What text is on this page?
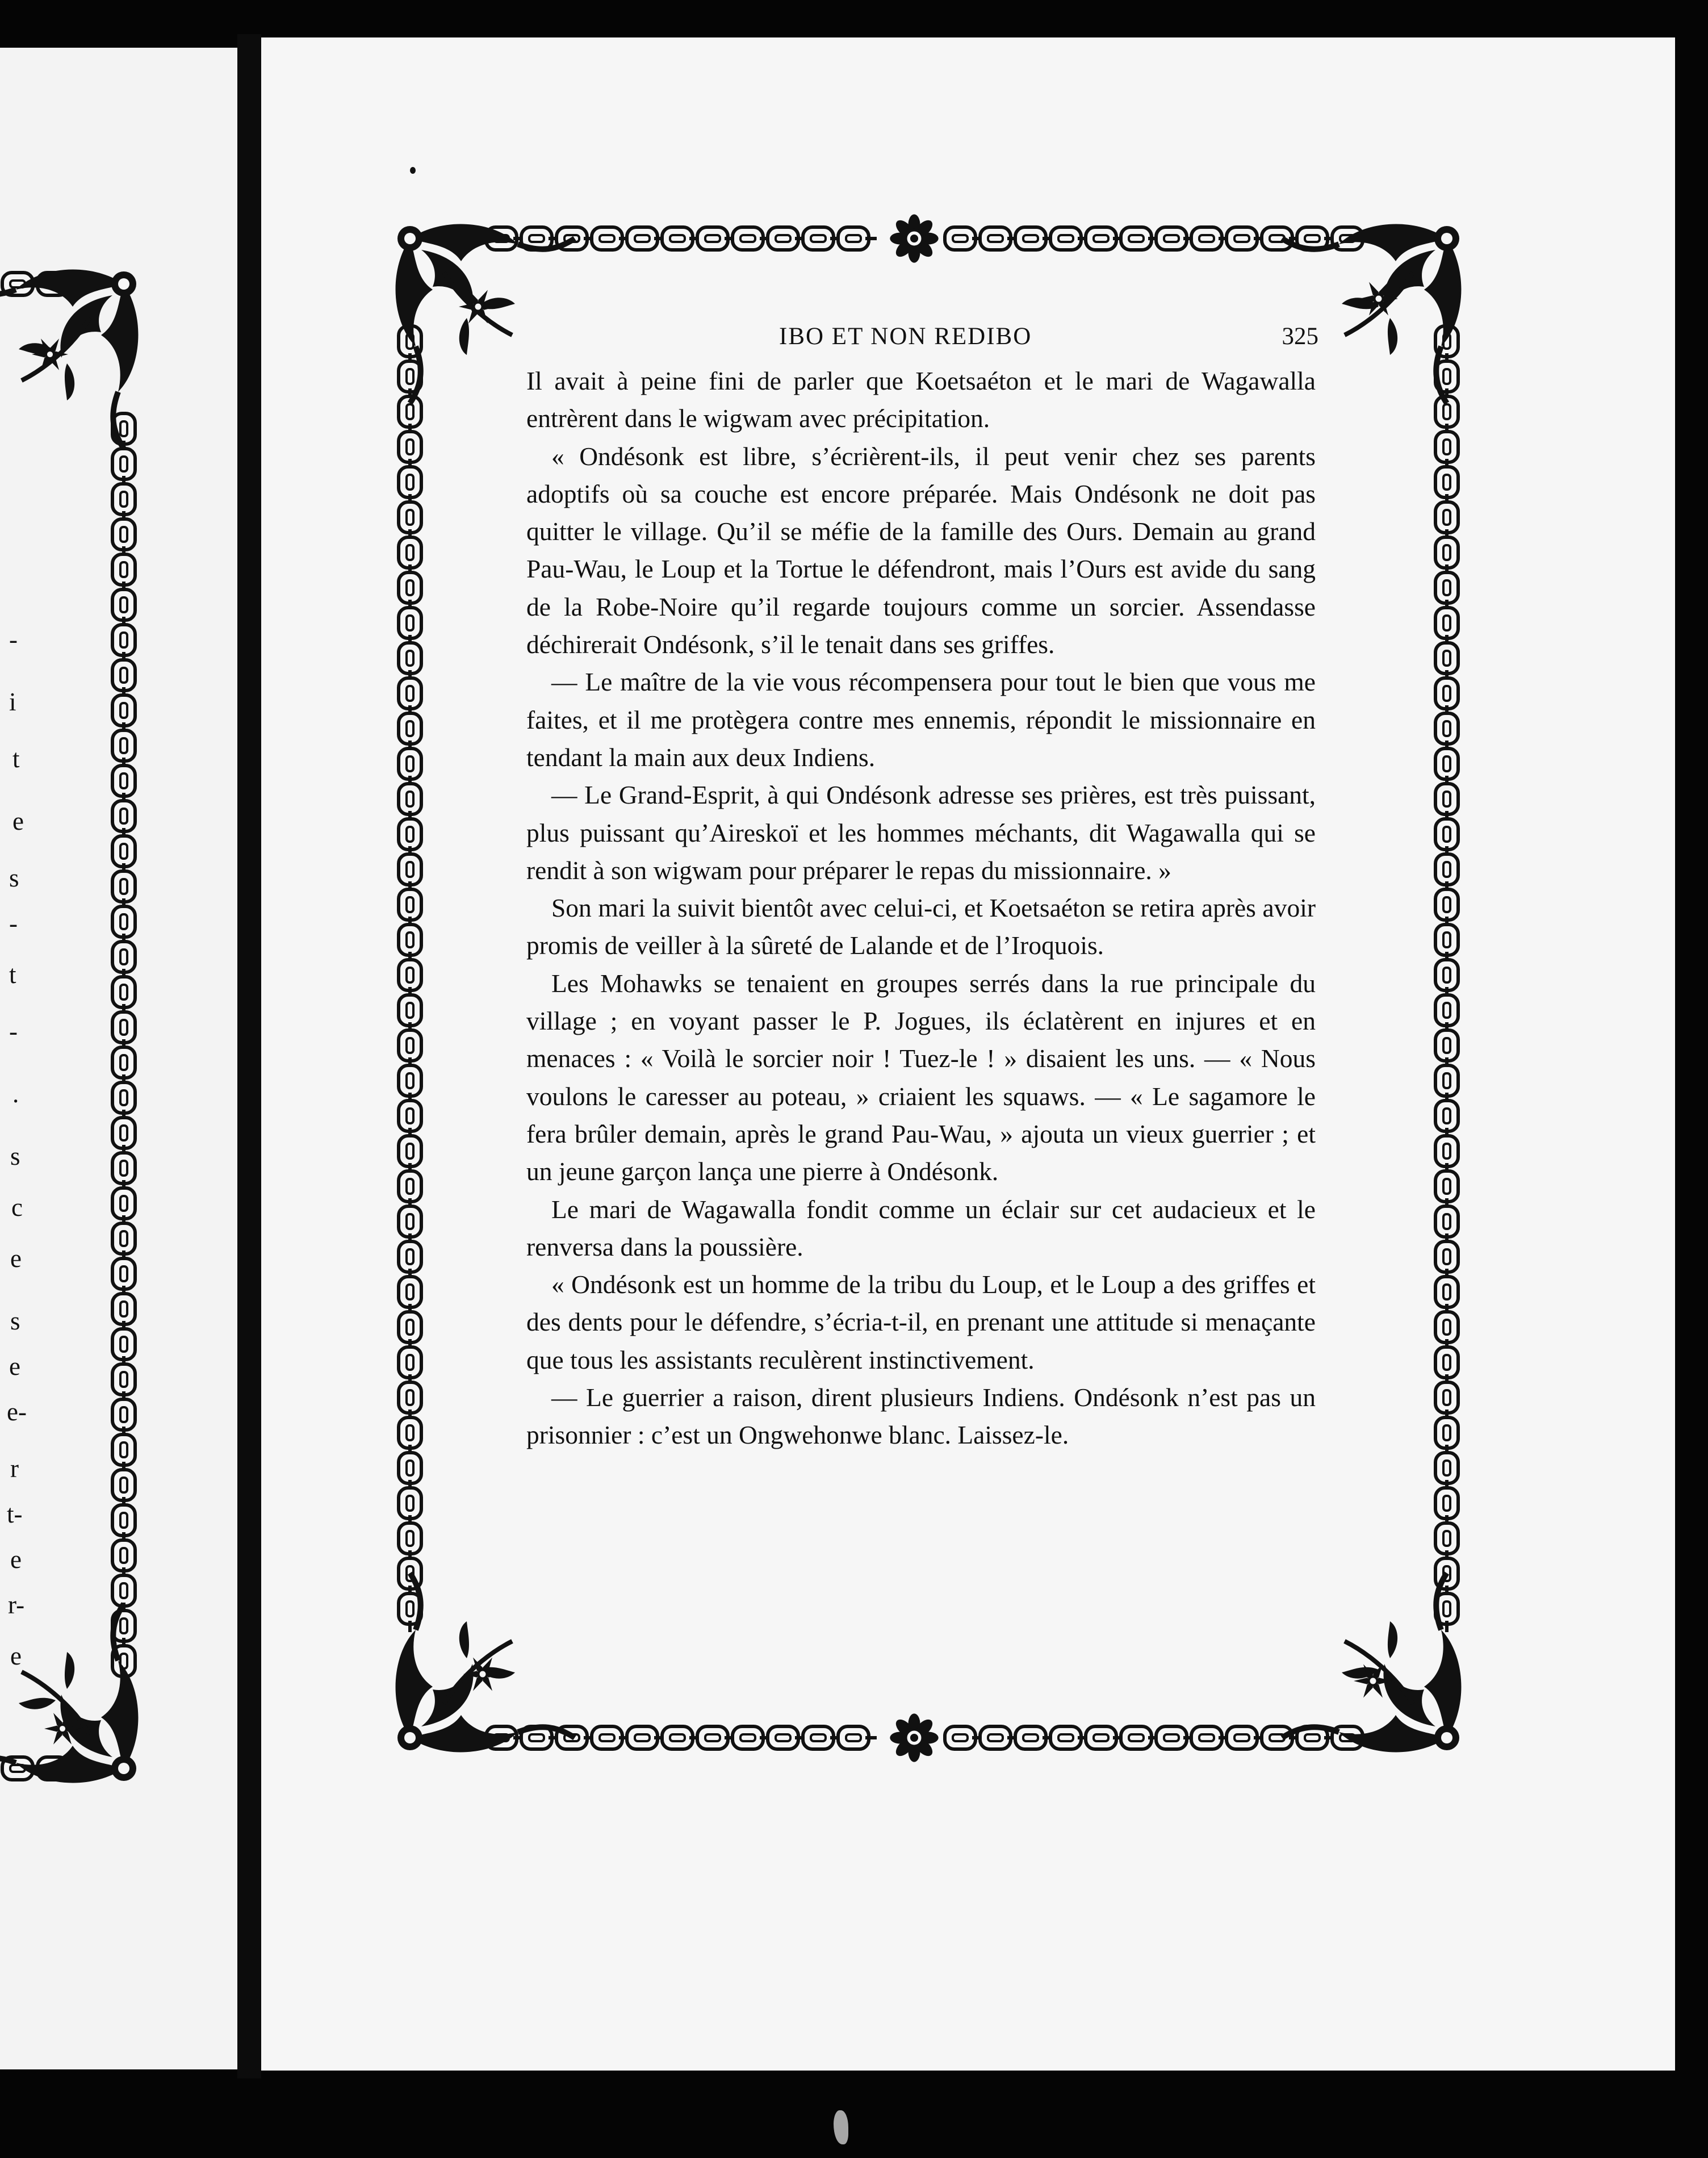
-
i
t
e
s
-
t
-
.
s
c
e
s
e
e-
r
t-
e
r-
e
IBO ET NON REDIBO	325

Il avait à peine fini de parler que Koetsaéton et le mari de Wagawalla entrèrent dans le wigwam avec précipitation.

« Ondésonk est libre, s’écrièrent-ils, il peut venir chez ses parents adoptifs où sa couche est encore préparée. Mais Ondésonk ne doit pas quitter le village. Qu’il se méfie de la famille des Ours. Demain au grand Pau-Wau, le Loup et la Tortue le défendront, mais l’Ours est avide du sang de la Robe-Noire qu’il regarde toujours comme un sorcier. Assendasse déchirerait Ondésonk, s’il le tenait dans ses griffes.

— Le maître de la vie vous récompensera pour tout le bien que vous me faites, et il me protègera contre mes ennemis, répondit le missionnaire en tendant la main aux deux Indiens.

— Le Grand-Esprit, à qui Ondésonk adresse ses prières, est très puissant, plus puissant qu’Aireskoï et les hommes méchants, dit Wagawalla qui se rendit à son wigwam pour préparer le repas du missionnaire. »

Son mari la suivit bientôt avec celui-ci, et Koetsaéton se retira après avoir promis de veiller à la sûreté de Lalande et de l’Iroquois.

Les Mohawks se tenaient en groupes serrés dans la rue principale du village ; en voyant passer le P. Jogues, ils éclatèrent en injures et en menaces : « Voilà le sorcier noir ! Tuez-le ! » disaient les uns. — « Nous voulons le caresser au poteau, » criaient les squaws. — « Le sagamore le fera brûler demain, après le grand Pau-Wau, » ajouta un vieux guerrier ; et un jeune garçon lança une pierre à Ondésonk.

Le mari de Wagawalla fondit comme un éclair sur cet audacieux et le renversa dans la poussière.

« Ondésonk est un homme de la tribu du Loup, et le Loup a des griffes et des dents pour le défendre, s’écria-t-il, en prenant une attitude si menaçante que tous les assistants reculèrent instinctivement.

— Le guerrier a raison, dirent plusieurs Indiens. Ondésonk n’est pas un prisonnier : c’est un Ongwehonwe blanc. Laissez-le.
